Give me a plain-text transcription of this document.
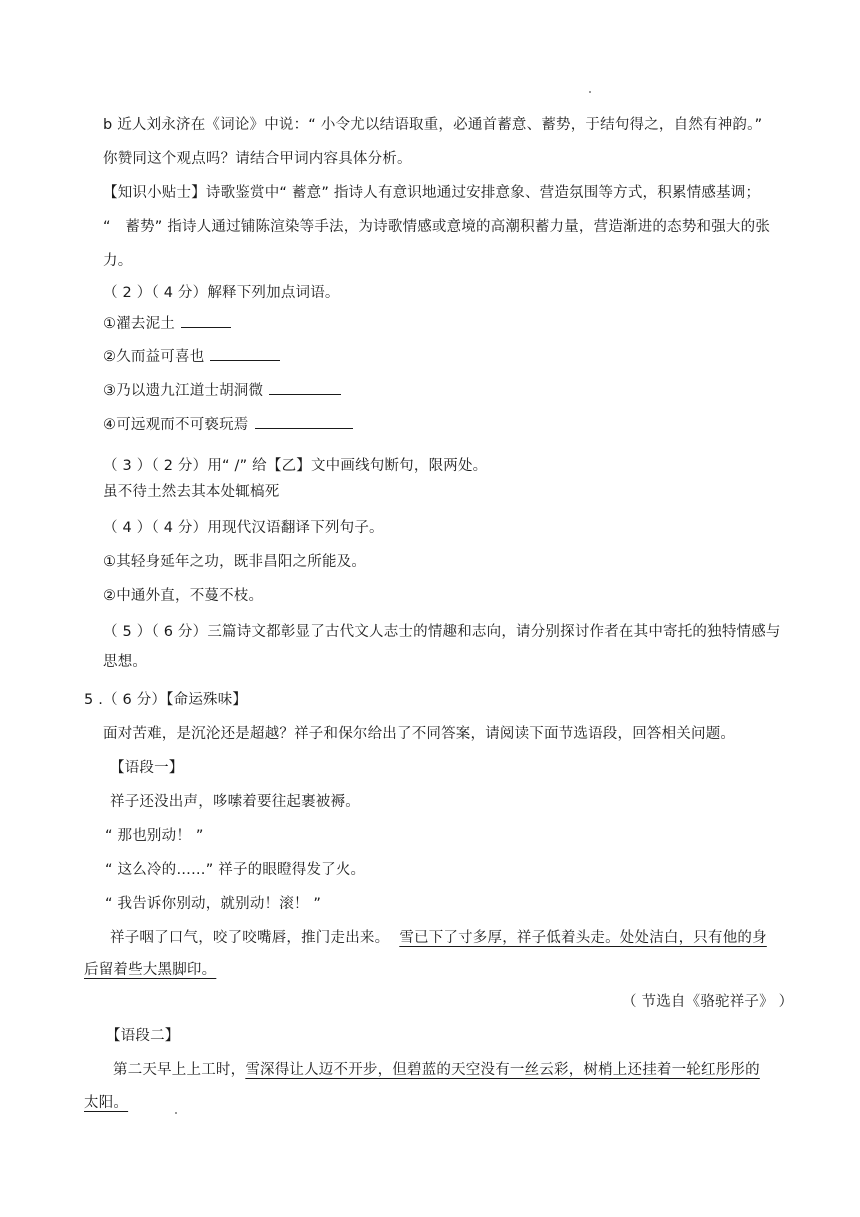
b 近人刘永济在《词论》中说：“ 小令尤以结语取重，必通首蓄意、蓄势，于结句得之，自然有神韵。”
你赞同这个观点吗？请结合甲词内容具体分析。
【知识小贴士】诗歌鉴赏中“ 蓄意” 指诗人有意识地通过安排意象、营造氛围等方式，积累情感基调；
“　蓄势” 指诗人通过铺陈渲染等手法，为诗歌情感或意境的高潮积蓄力量，营造渐进的态势和强大的张
力。
（ 2 ）（ 4 分）解释下列加点词语。
①濯去泥土
②久而益可喜也
③乃以遗九江道士胡洞微
④可远观而不可亵玩焉
（ 3 ）（ 2 分）用“ /” 给【乙】文中画线句断句，限两处。
虽不待土然去其本处辄槁死
（ 4 ）（ 4 分）用现代汉语翻译下列句子。
①其轻身延年之功，既非昌阳之所能及。
②中通外直，不蔓不枝。
（ 5 ）（ 6 分）三篇诗文都彰显了古代文人志士的情趣和志向，请分别探讨作者在其中寄托的独特情感与
思想。
5 .（ 6 分）【命运殊味】
面对苦难，是沉沦还是超越？祥子和保尔给出了不同答案，请阅读下面节选语段，回答相关问题。
【语段一】
祥子还没出声，哆嗦着要往起裹被褥。
“ 那也别动！ ”
“ 这么冷的……” 祥子的眼瞪得发了火。
“ 我告诉你别动，就别动！滚！ ”
祥子咽了口气，咬了咬嘴唇，推门走出来。 雪已下了寸多厚，祥子低着头走。处处洁白，只有他的身
后留着些大黑脚印。
（ 节选自《骆驼祥子》 ）
【语段二】
第二天早上上工时，雪深得让人迈不开步，但碧蓝的天空没有一丝云彩，树梢上还挂着一轮红彤彤的
太阳。
